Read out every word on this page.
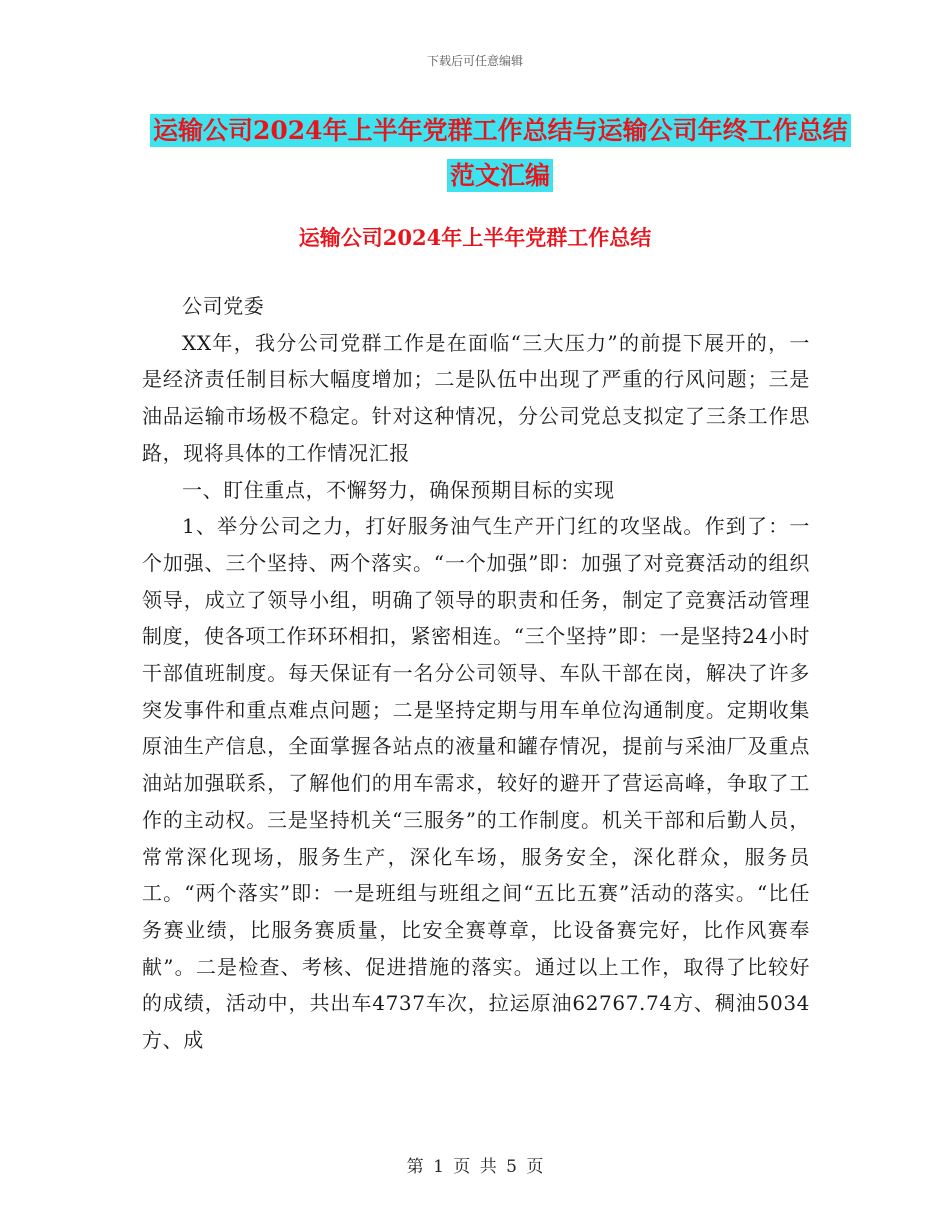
下载后可任意编辑
运输公司2024年上半年党群工作总结与运输公司年终工作总结范文汇编
运输公司2024年上半年党群工作总结

公司党委

XX年，我分公司党群工作是在面临“三大压力”的前提下展开的，一是经济责任制目标大幅度增加；二是队伍中出现了严重的行风问题；三是油品运输市场极不稳定。针对这种情况，分公司党总支拟定了三条工作思路，现将具体的工作情况汇报

一、盯住重点，不懈努力，确保预期目标的实现

1、举分公司之力，打好服务油气生产开门红的攻坚战。作到了：一个加强、三个坚持、两个落实。“一个加强”即：加强了对竞赛活动的组织领导，成立了领导小组，明确了领导的职责和任务，制定了竞赛活动管理制度，使各项工作环环相扣，紧密相连。“三个坚持”即：一是坚持24小时干部值班制度。每天保证有一名分公司领导、车队干部在岗，解决了许多突发事件和重点难点问题；二是坚持定期与用车单位沟通制度。定期收集原油生产信息，全面掌握各站点的液量和罐存情况，提前与采油厂及重点油站加强联系，了解他们的用车需求，较好的避开了营运高峰，争取了工作的主动权。三是坚持机关“三服务”的工作制度。机关干部和后勤人员，常常深化现场，服务生产，深化车场，服务安全，深化群众，服务员工。“两个落实”即：一是班组与班组之间“五比五赛”活动的落实。“比任务赛业绩，比服务赛质量，比安全赛尊章，比设备赛完好，比作风赛奉献”。二是检查、考核、促进措施的落实。通过以上工作，取得了比较好的成绩，活动中，共出车4737车次，拉运原油62767.74方、稠油5034方、成

第 1 页 共 5 页
